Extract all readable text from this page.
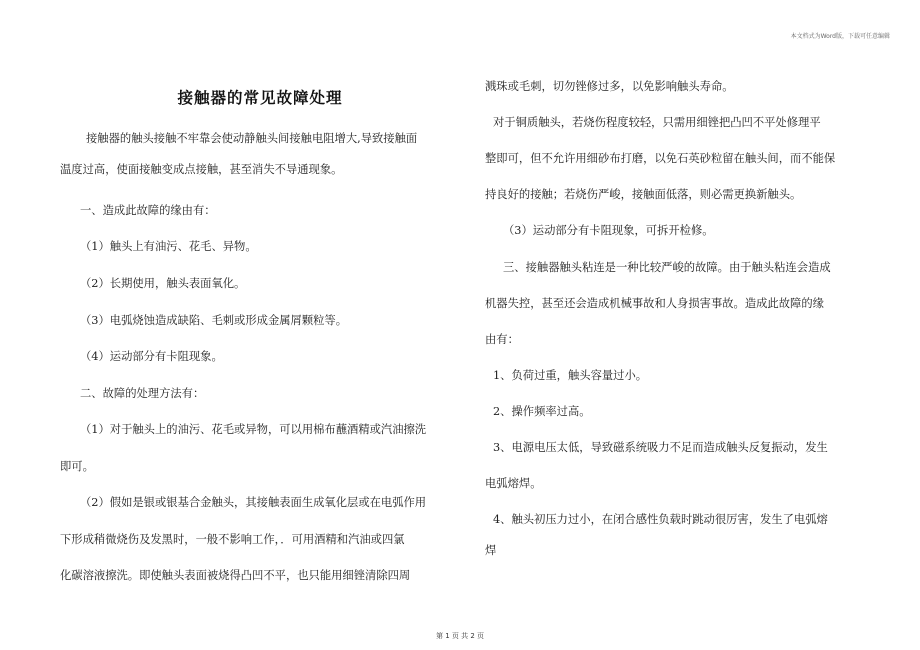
本文档式为Word版，下载可任意编辑
接触器的常见故障处理

接触器的触头接触不牢靠会使动静触头间接触电阻增大,导致接触面

温度过高，使面接触变成点接触，甚至消失不导通现象。

一、造成此故障的缘由有：

（1）触头上有油污、花毛、异物。

（2）长期使用，触头表面氧化。

（3）电弧烧蚀造成缺陷、毛刺或形成金属屑颗粒等。

（4）运动部分有卡阻现象。

二、故障的处理方法有：

（1）对于触头上的油污、花毛或异物，可以用棉布蘸酒精或汽油擦洗

即可。

（2）假如是银或银基合金触头，其接触表面生成氧化层或在电弧作用

下形成稍微烧伤及发黑时，一般不影响工作，．可用酒精和汽油或四氯

化碳溶液擦洗。即使触头表面被烧得凸凹不平，也只能用细锉清除四周

溅珠或毛刺，切勿锉修过多，以免影响触头寿命。

对于铜质触头，若烧伤程度较轻，只需用细锉把凸凹不平处修理平

整即可，但不允许用细砂布打磨，以免石英砂粒留在触头间，而不能保

持良好的接触；若烧伤严峻，接触面低落，则必需更换新触头。

（3）运动部分有卡阻现象，可拆开检修。

三、接触器触头粘连是一种比较严峻的故障。由于触头粘连会造成

机器失控，甚至还会造成机械事故和人身损害事故。造成此故障的缘

由有：

1、负荷过重，触头容量过小。

2、操作频率过高。

3、电源电压太低，导致磁系统吸力不足而造成触头反复振动，发生

电弧熔焊。

4、触头初压力过小，在闭合感性负载时跳动很厉害，发生了电弧熔

焊

第 1 页 共 2 页
